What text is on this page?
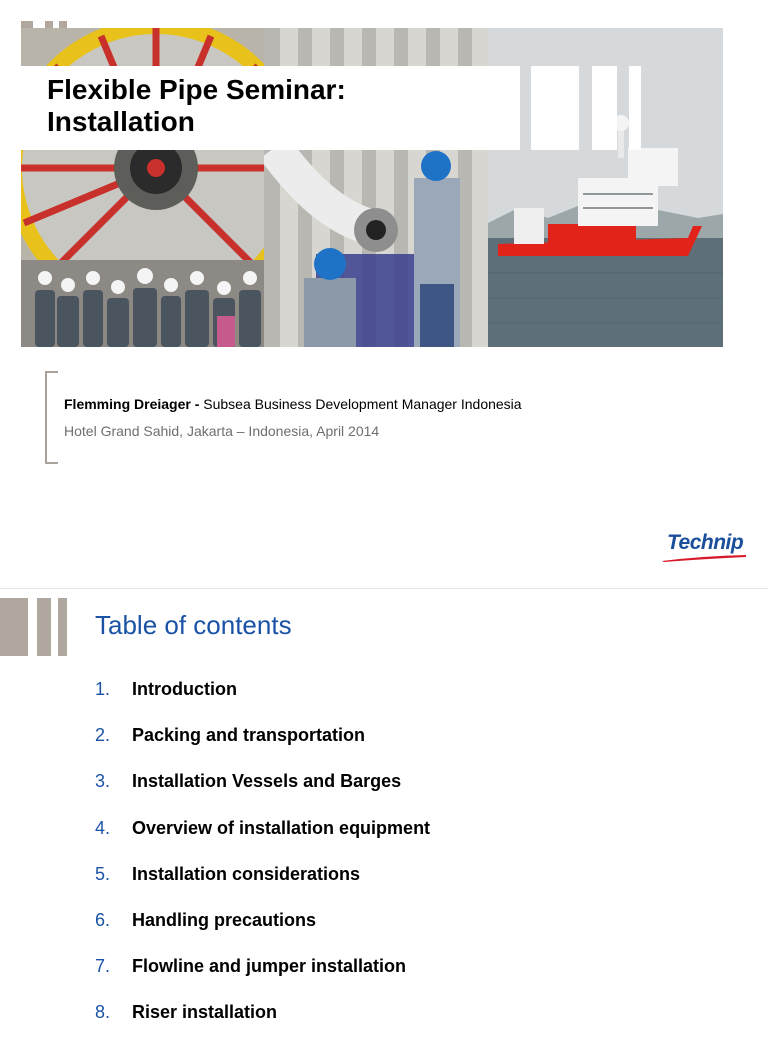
Flexible Pipe Seminar:
Installation
Flemming Dreiager - Subsea Business Development Manager Indonesia
Hotel Grand Sahid, Jakarta – Indonesia, April 2014
Technip
Table of contents
1. Introduction
2. Packing and transportation
3. Installation Vessels and Barges
4. Overview of installation equipment
5. Installation considerations
6. Handling precautions
7. Flowline and jumper installation
8. Riser installation
